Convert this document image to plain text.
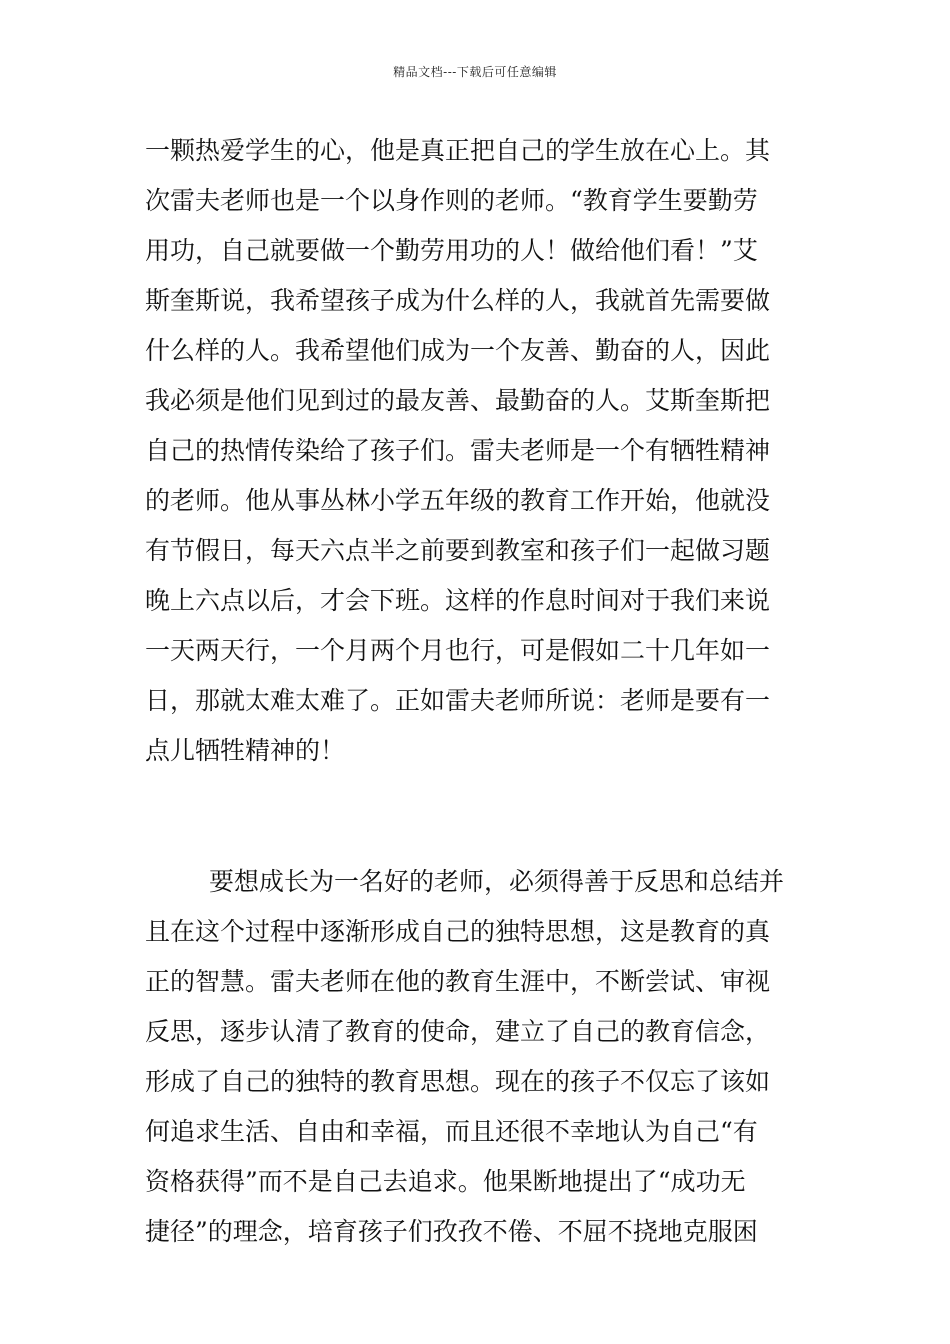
精品文档---下载后可任意编辑
一颗热爱学生的心，他是真正把自己的学生放在心上。其
次雷夫老师也是一个以身作则的老师。“教育学生要勤劳
用功，自己就要做一个勤劳用功的人！做给他们看！”艾
斯奎斯说，我希望孩子成为什么样的人，我就首先需要做
什么样的人。我希望他们成为一个友善、勤奋的人，因此
我必须是他们见到过的最友善、最勤奋的人。艾斯奎斯把
自己的热情传染给了孩子们。雷夫老师是一个有牺牲精神
的老师。他从事丛林小学五年级的教育工作开始，他就没
有节假日，每天六点半之前要到教室和孩子们一起做习题
晚上六点以后，才会下班。这样的作息时间对于我们来说
一天两天行，一个月两个月也行，可是假如二十几年如一
日，那就太难太难了。正如雷夫老师所说：老师是要有一
点儿牺牲精神的！
要想成长为一名好的老师，必须得善于反思和总结并
且在这个过程中逐渐形成自己的独特思想，这是教育的真
正的智慧。雷夫老师在他的教育生涯中，不断尝试、审视
反思，逐步认清了教育的使命，建立了自己的教育信念，
形成了自己的独特的教育思想。现在的孩子不仅忘了该如
何追求生活、自由和幸福，而且还很不幸地认为自己“有
资格获得”而不是自己去追求。他果断地提出了“成功无
捷径”的理念，培育孩子们孜孜不倦、不屈不挠地克服困
